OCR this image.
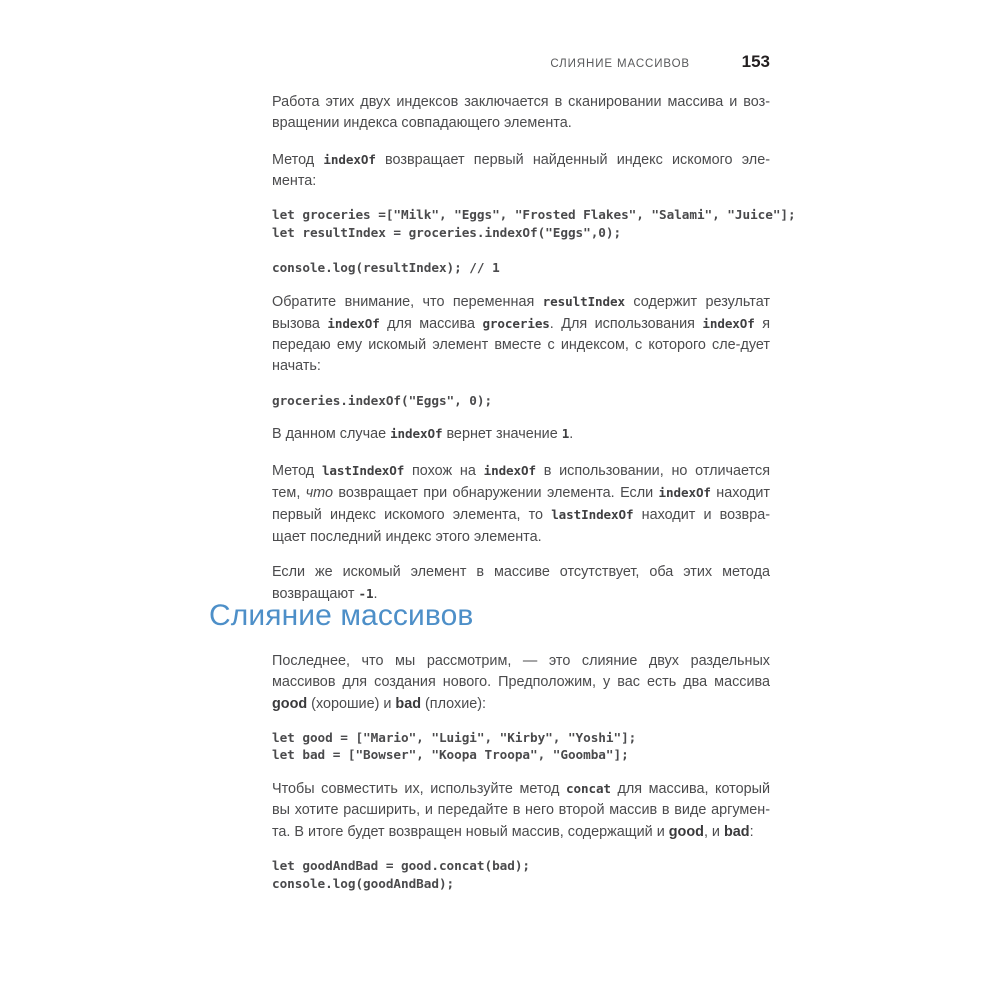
СЛИЯНИЕ МАССИВОВ	153

Работа этих двух индексов заключается в сканировании массива и воз- вращении индекса совпадающего элемента.

Метод indexOf возвращает первый найденный индекс искомого эле-мента:

let groceries =["Milk", "Eggs", "Frosted Flakes", "Salami", "Juice"];
let resultIndex = groceries.indexOf("Eggs",0);

console.log(resultIndex); // 1

Обратите внимание, что переменная resultIndex содержит результат вызова indexOf для массива groceries. Для использования indexOf я передаю ему искомый элемент вместе с индексом, с которого сле-дует начать:

groceries.indexOf("Eggs", 0);

В данном случае indexOf вернет значение 1.

Метод lastIndexOf похож на indexOf в использовании, но отличается тем, что возвращает при обнаружении элемента. Если indexOf находит первый индекс искомого элемента, то lastIndexOf находит и возвра-щает последний индекс этого элемента.

Если же искомый элемент в массиве отсутствует, оба этих метода возвращают -1.

Слияние массивов

Последнее, что мы рассмотрим, — это слияние двух раздельных массивов для создания нового. Предположим, у вас есть два массива good (хорошие) и bad (плохие):

let good = ["Mario", "Luigi", "Kirby", "Yoshi"];
let bad = ["Bowser", "Koopa Troopa", "Goomba"];

Чтобы совместить их, используйте метод concat для массива, который вы хотите расширить, и передайте в него второй массив в виде аргумен-та. В итоге будет возвращен новый массив, содержащий и good, и bad:

let goodAndBad = good.concat(bad);
console.log(goodAndBad);
